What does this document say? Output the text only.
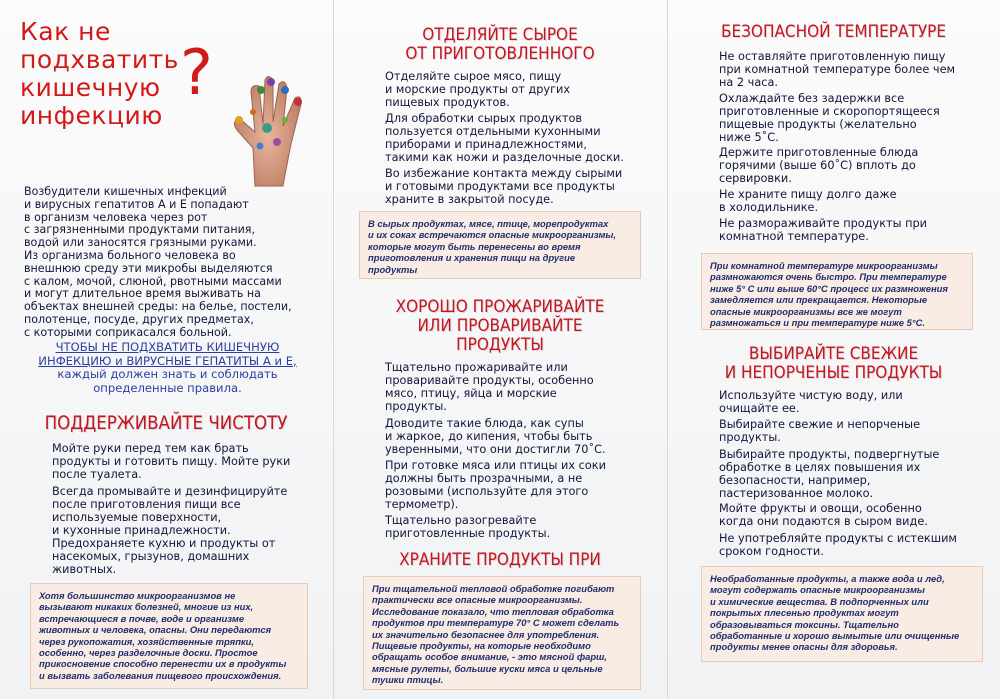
Как не подхватить
кишечную
инфекцию
?
Возбудители кишечных инфекций
и вирусных гепатитов А и Е попадают
в организм человека через рот
с загрязненными продуктами питания,
водой или заносятся грязными руками.
Из организма больного человека во
внешнюю среду эти микробы выделяются
с калом, мочой, слюной, рвотными массами
и могут длительное время выживать на
объектах внешней среды: на белье, постели,
полотенце, посуде, других предметах,
с которыми соприкасался больной.
ЧТОБЫ НЕ ПОДХВАТИТЬ КИШЕЧНУЮ
ИНФЕКЦИЮ и ВИРУСНЫЕ ГЕПАТИТЫ А и Е,
каждый должен знать и соблюдать
определенные правила.
ПОДДЕРЖИВАЙТЕ ЧИСТОТУ
Мойте руки перед тем как брать
продукты и готовить пищу. Мойте руки
после туалета.
Всегда промывайте и дезинфицируйте
после приготовления пищи все
используемые поверхности,
и кухонные принадлежности.
Предохраняете кухню и продукты от
насекомых, грызунов, домашних
животных.
Хотя большинство микроорганизмов не
вызывают никаких болезней, многие из них,
встречающиеся в почве, воде и организме
животных и человека, опасны. Они передаются
через рукопожатия, хозяйственные тряпки,
особенно, через разделочные доски. Простое
прикосновение способно перенести их в продукты
и вызвать заболевания пищевого происхождения.
ОТДЕЛЯЙТЕ СЫРОЕ
ОТ ПРИГОТОВЛЕННОГО
Отделяйте сырое мясо, пищу
и морские продукты от других
пищевых продуктов.
Для обработки сырых продуктов
пользуется отдельными кухонными
приборами и принадлежностями,
такими как ножи и разделочные доски.
Во избежание контакта между сырыми
и готовыми продуктами все продукты
храните в закрытой посуде.
В сырых продуктах, мясе, птице, морепродуктах
и их соках встречаются опасные микроорганизмы,
которые могут быть перенесены во время
приготовления и хранения пищи на другие
продукты
ХОРОШО ПРОЖАРИВАЙТЕ
ИЛИ ПРОВАРИВАЙТЕ
ПРОДУКТЫ
Тщательно прожаривайте или
проваривайте продукты, особенно
мясо, птицу, яйца и морские
продукты.
Доводите такие блюда, как супы
и жаркое, до кипения, чтобы быть
уверенными, что они достигли 70˚С.
При готовке мяса или птицы их соки
должны быть прозрачными, а не
розовыми (используйте для этого
термометр).
Тщательно разогревайте
приготовленные продукты.
ХРАНИТЕ ПРОДУКТЫ ПРИ
При тщательной тепловой обработке погибают
практически все опасные микроорганизмы.
Исследование показало, что тепловая обработка
продуктов при температуре 70° С может сделать
их значительно безопаснее для употребления.
Пищевые продукты, на которые необходимо
обращать особое внимание, - это мясной фарш,
мясные рулеты, большие куски мяса и цельные
тушки птицы.
БЕЗОПАСНОЙ ТЕМПЕРАТУРЕ
Не оставляйте приготовленную пищу
при комнатной температуре более чем
на 2 часа.
Охлаждайте без задержки все
приготовленные и скоропортящееся
пищевые продукты (желательно
ниже 5˚С.
Держите приготовленные блюда
горячими (выше 60˚С) вплоть до
сервировки.
Не храните пищу долго даже
в холодильнике.
Не размораживайте продукты при
комнатной температуре.
При комнатной температуре микроорганизмы
размножаются очень быстро. При температуре
ниже 5° С или выше 60°С процесс их размножения
замедляется или прекращается. Некоторые
опасные микроорганизмы все же могут
размножаться и при температуре ниже 5°С.
ВЫБИРАЙТЕ СВЕЖИЕ
И НЕПОРЧЕНЫЕ ПРОДУКТЫ
Используйте чистую воду, или
очищайте ее.
Выбирайте свежие и непорченые
продукты.
Выбирайте продукты, подвергнутые
обработке в целях повышения их
безопасности, например,
пастеризованное молоко.
Мойте фрукты и овощи, особенно
когда они подаются в сыром виде.
Не употребляйте продукты с истекшим
сроком годности.
Необработанные продукты, а также вода и лед,
могут содержать опасные микроорганизмы
и химические вещества. В подпорченных или
покрытых плесенью продуктах могут
образовываться токсины. Тщательно
обработанные и хорошо вымытые или очищенные
продукты менее опасны для здоровья.
